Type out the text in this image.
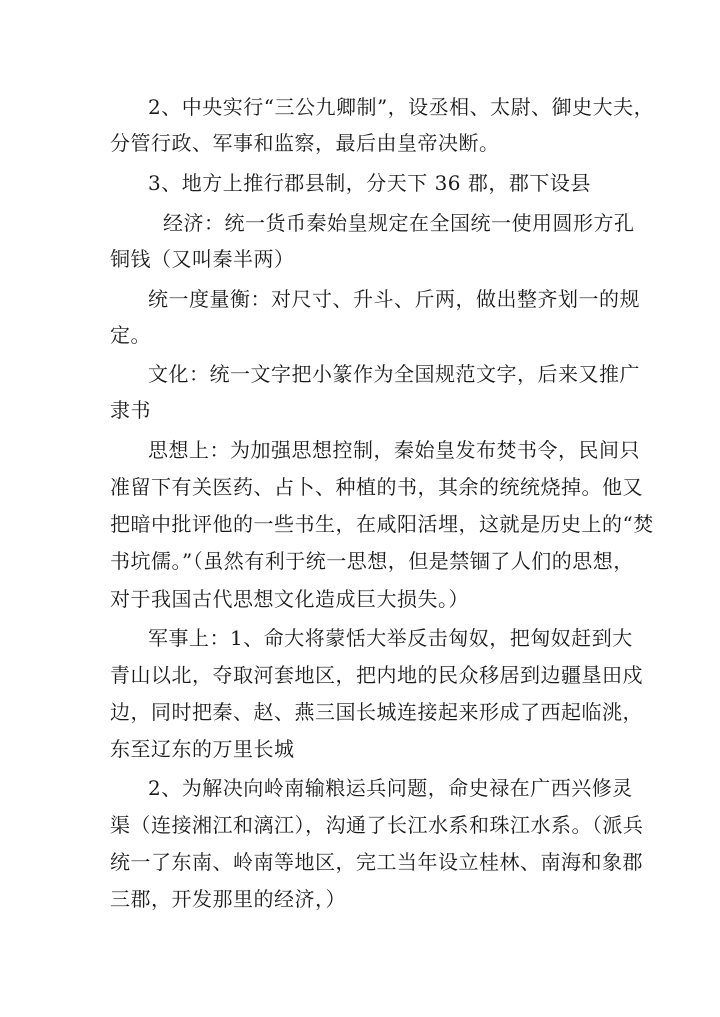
2、中央实行“三公九卿制”，设丞相、太尉、御史大夫，
分管行政、军事和监察，最后由皇帝决断。
3、地方上推行郡县制，分天下 36 郡，郡下设县
经济：统一货币秦始皇规定在全国统一使用圆形方孔
铜钱（又叫秦半两）
统一度量衡：对尺寸、升斗、斤两，做出整齐划一的规
定。
文化：统一文字把小篆作为全国规范文字，后来又推广
隶书
思想上：为加强思想控制，秦始皇发布焚书令，民间只
准留下有关医药、占卜、种植的书，其余的统统烧掉。他又
把暗中批评他的一些书生，在咸阳活埋，这就是历史上的“焚
书坑儒。”（虽然有利于统一思想，但是禁锢了人们的思想，
对于我国古代思想文化造成巨大损失。）
军事上：1、命大将蒙恬大举反击匈奴，把匈奴赶到大
青山以北，夺取河套地区，把内地的民众移居到边疆垦田戍
边，同时把秦、赵、燕三国长城连接起来形成了西起临洮，
东至辽东的万里长城
2、为解决向岭南输粮运兵问题，命史禄在广西兴修灵
渠（连接湘江和漓江），沟通了长江水系和珠江水系。（派兵
统一了东南、岭南等地区，完工当年设立桂林、南海和象郡
三郡，开发那里的经济，）
